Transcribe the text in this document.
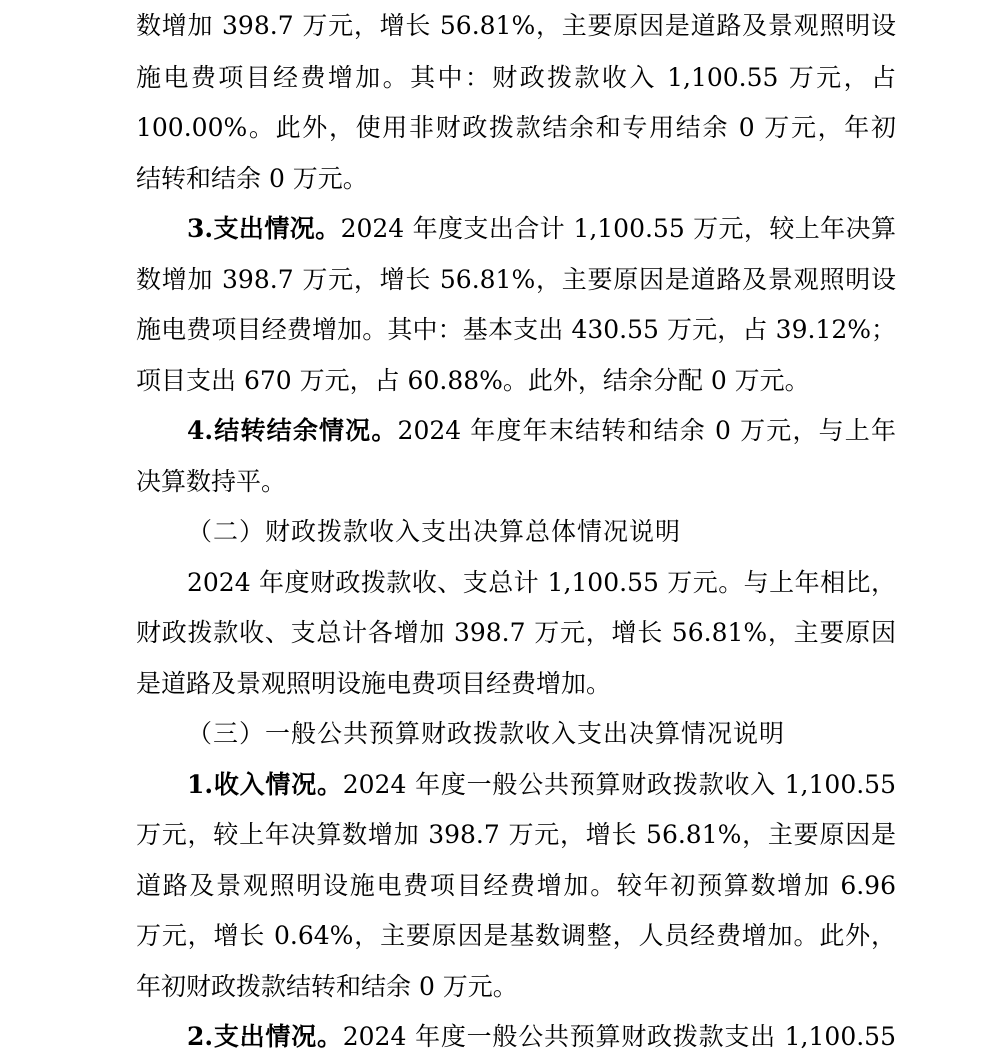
数增加 398.7 万元，增长 56.81%，主要原因是道路及景观照明设
施电费项目经费增加。其中：财政拨款收入 1,100.55 万元，占
100.00%。此外，使用非财政拨款结余和专用结余 0 万元，年初
结转和结余 0 万元。
3.支出情况。2024 年度支出合计 1,100.55 万元，较上年决算
数增加 398.7 万元，增长 56.81%，主要原因是道路及景观照明设
施电费项目经费增加。其中：基本支出 430.55 万元，占 39.12%；
项目支出 670 万元，占 60.88%。此外，结余分配 0 万元。
4.结转结余情况。2024 年度年末结转和结余 0 万元，与上年
决算数持平。
（二）财政拨款收入支出决算总体情况说明
2024 年度财政拨款收、支总计 1,100.55 万元。与上年相比，
财政拨款收、支总计各增加 398.7 万元，增长 56.81%，主要原因
是道路及景观照明设施电费项目经费增加。
（三）一般公共预算财政拨款收入支出决算情况说明
1.收入情况。2024 年度一般公共预算财政拨款收入 1,100.55
万元，较上年决算数增加 398.7 万元，增长 56.81%，主要原因是
道路及景观照明设施电费项目经费增加。较年初预算数增加 6.96
万元，增长 0.64%，主要原因是基数调整，人员经费增加。此外，
年初财政拨款结转和结余 0 万元。
2.支出情况。2024 年度一般公共预算财政拨款支出 1,100.55
